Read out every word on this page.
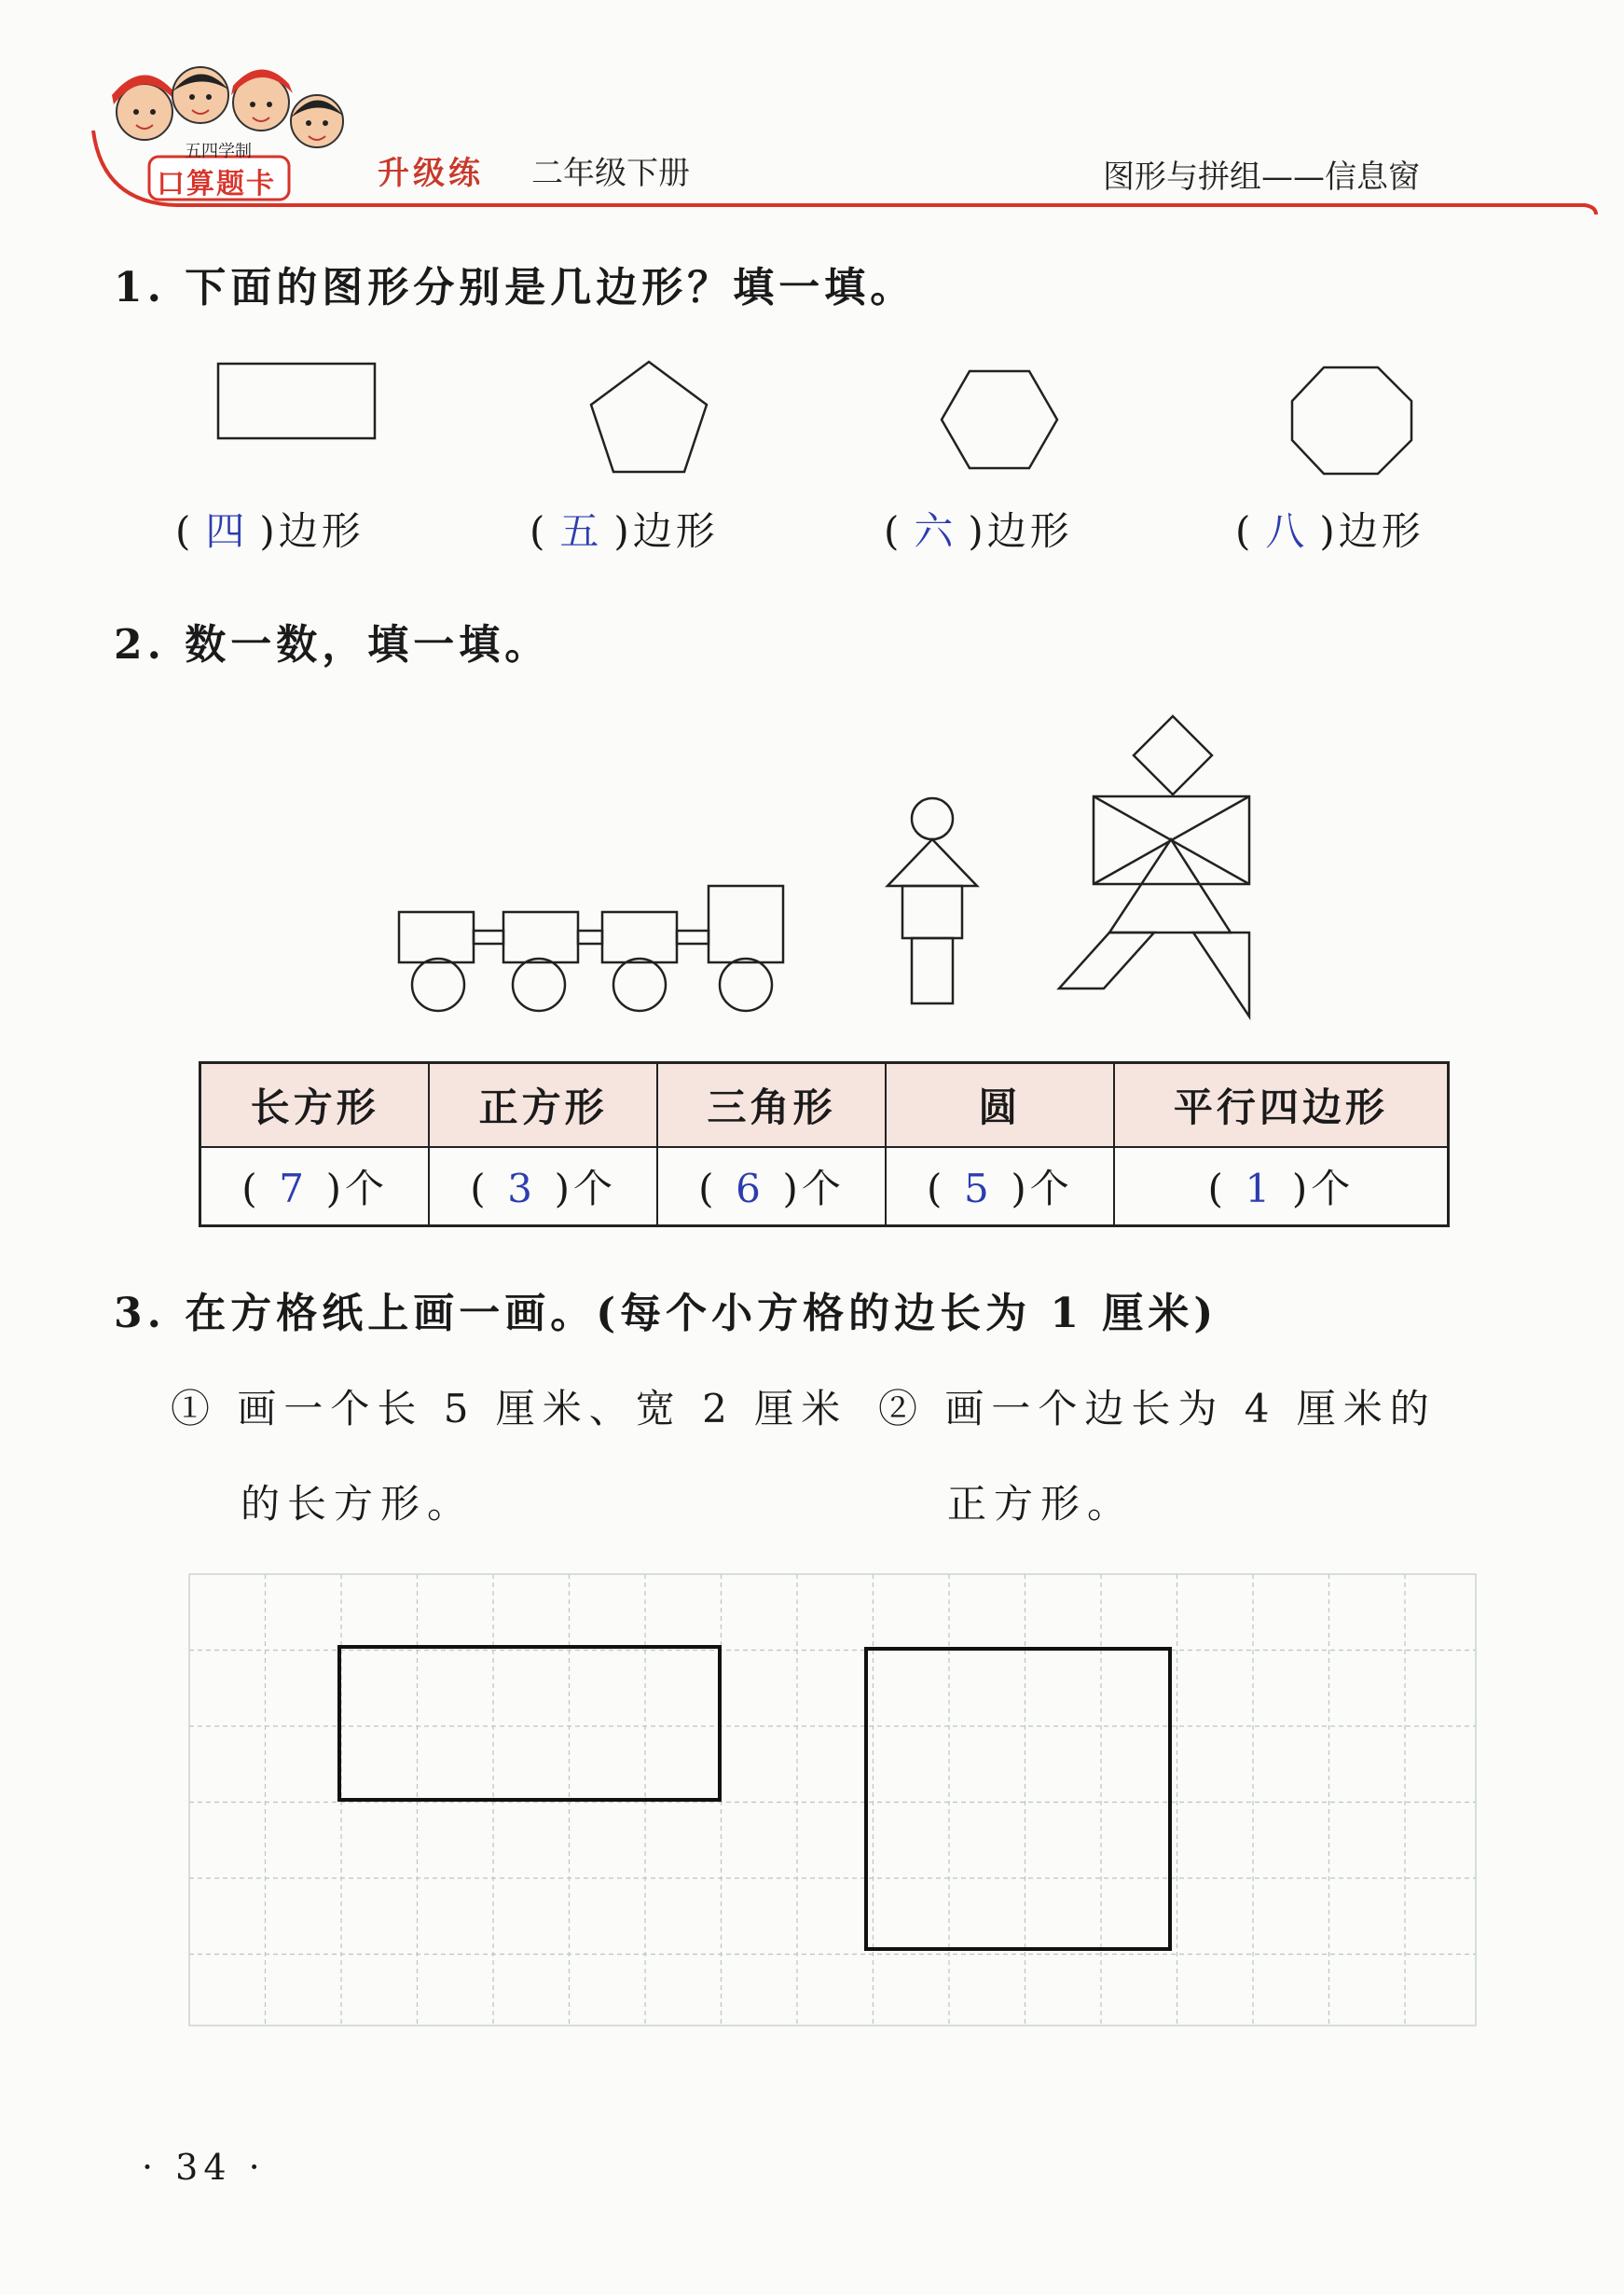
五四学制
口算题卡	升级练 二年级下册	图形与拼组——信息窗
1. 下面的图形分别是几边形？填一填。
( 四 )边形	( 五 )边形	( 六 )边形	( 八 )边形
2. 数一数，填一填。
长方形	正方形	三角形	圆	平行四边形
( 7 )个	( 3 )个	( 6 )个	( 5 )个	( 1 )个
3. 在方格纸上画一画。(每个小方格的边长为 1 厘米)
① 画一个长 5 厘米、宽 2 厘米
的长方形。
② 画一个边长为 4 厘米的
正方形。
· 34 ·
